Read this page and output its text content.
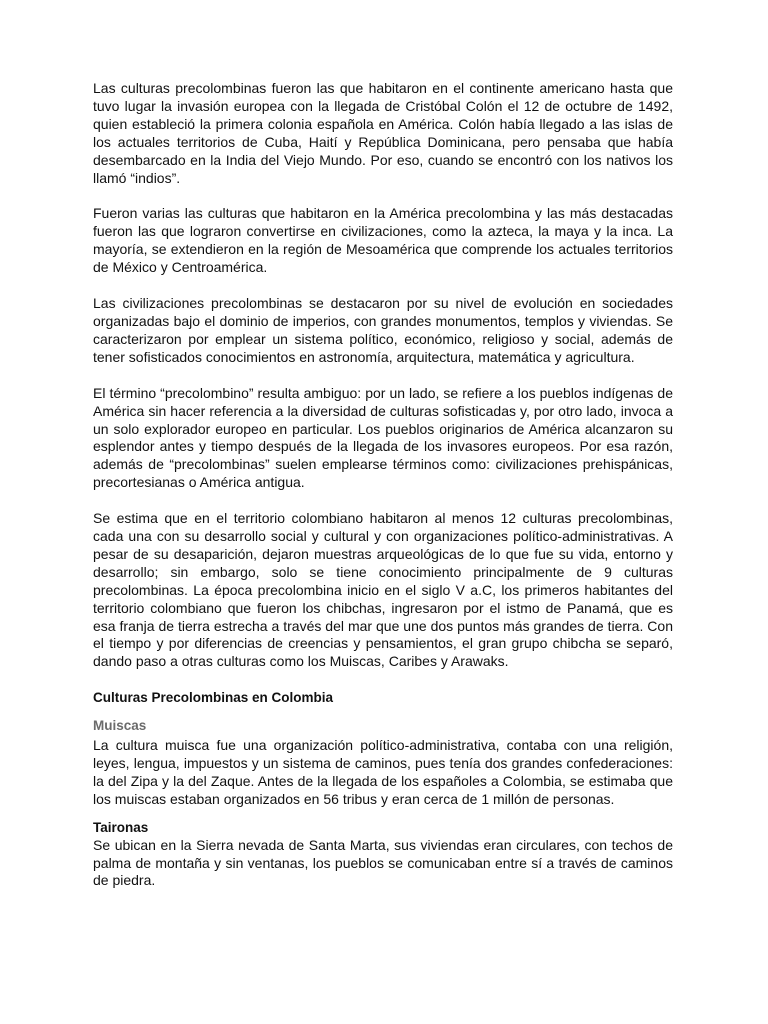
Las culturas precolombinas fueron las que habitaron en el continente americano hasta que tuvo lugar la invasión europea con la llegada de Cristóbal Colón el 12 de octubre de 1492, quien estableció la primera colonia española en América. Colón había llegado a las islas de los actuales territorios de Cuba, Haití y República Dominicana, pero pensaba que había desembarcado en la India del Viejo Mundo. Por eso, cuando se encontró con los nativos los llamó “indios”.

Fueron varias las culturas que habitaron en la América precolombina y las más destacadas fueron las que lograron convertirse en civilizaciones, como la azteca, la maya y la inca. La mayoría, se extendieron en la región de Mesoamérica que comprende los actuales territorios de México y Centroamérica.

Las civilizaciones precolombinas se destacaron por su nivel de evolución en sociedades organizadas bajo el dominio de imperios, con grandes monumentos, templos y viviendas. Se caracterizaron por emplear un sistema político, económico, religioso y social, además de tener sofisticados conocimientos en astronomía, arquitectura, matemática y agricultura.

El término “precolombino” resulta ambiguo: por un lado, se refiere a los pueblos indígenas de América sin hacer referencia a la diversidad de culturas sofisticadas y, por otro lado, invoca a un solo explorador europeo en particular. Los pueblos originarios de América alcanzaron su esplendor antes y tiempo después de la llegada de los invasores europeos. Por esa razón, además de “precolombinas” suelen emplearse términos como: civilizaciones prehispánicas, precortesianas o América antigua.

Se estima que en el territorio colombiano habitaron al menos 12 culturas precolombinas, cada una con su desarrollo social y cultural y con organizaciones político-administrativas. A pesar de su desaparición, dejaron muestras arqueológicas de lo que fue su vida, entorno y desarrollo; sin embargo, solo se tiene conocimiento principalmente de 9 culturas precolombinas. La época precolombina inicio en el siglo V a.C, los primeros habitantes del territorio colombiano que fueron los chibchas, ingresaron por el istmo de Panamá, que es esa franja de tierra estrecha a través del mar que une dos puntos más grandes de tierra. Con el tiempo y por diferencias de creencias y pensamientos, el gran grupo chibcha se separó, dando paso a otras culturas como los Muiscas, Caribes y Arawaks.

Culturas Precolombinas en Colombia
Muiscas

La cultura muisca fue una organización político-administrativa, contaba con una religión, leyes, lengua, impuestos y un sistema de caminos, pues tenía dos grandes confederaciones: la del Zipa y la del Zaque. Antes de la llegada de los españoles a Colombia, se estimaba que los muiscas estaban organizados en 56 tribus y eran cerca de 1 millón de personas.

Taironas

Se ubican en la Sierra nevada de Santa Marta, sus viviendas eran circulares, con techos de palma de montaña y sin ventanas, los pueblos se comunicaban entre sí a través de caminos de piedra.
